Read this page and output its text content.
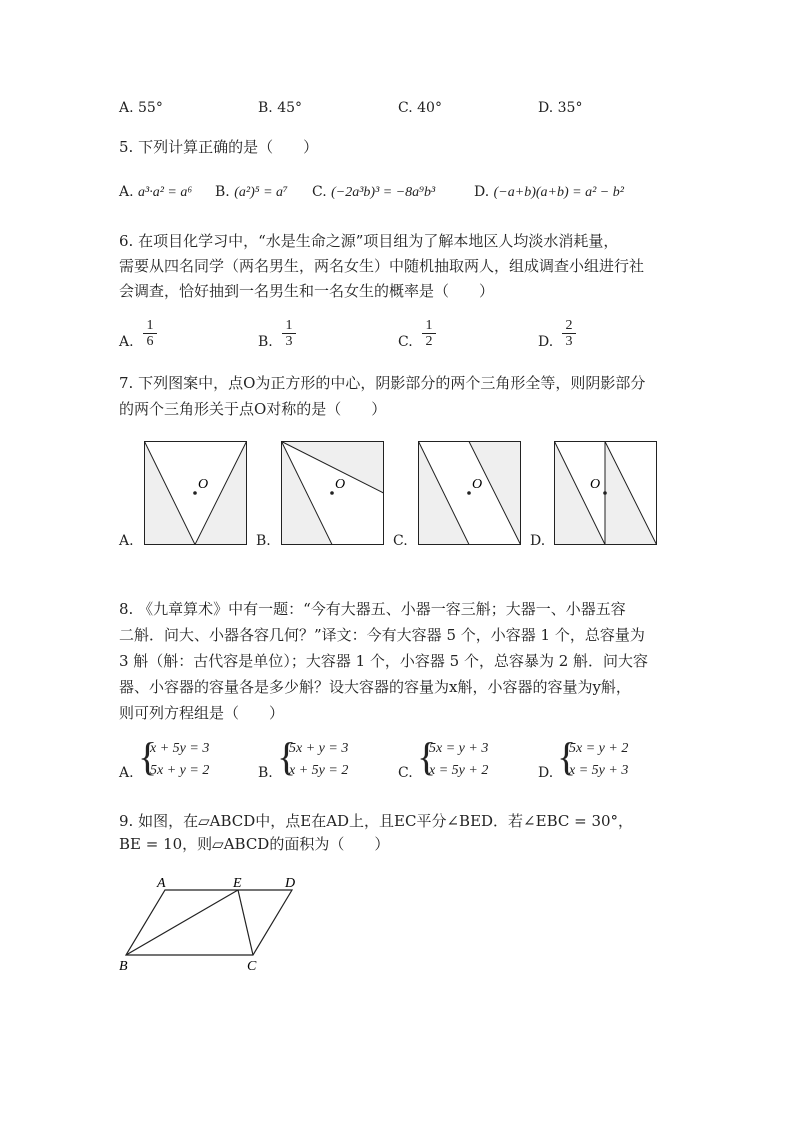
A. 55°	B. 45°	C. 40°	D. 35°
5. 下列计算正确的是（　　）
A. a³·a² = a⁶ B. (a²)⁵ = a⁷ C. (−2a³b)³ = −8a⁹b³	D. (−a+b)(a+b) = a² − b²
6. 在项目化学习中，“水是生命之源”项目组为了解本地区人均淡水消耗量，
需要从四名同学（两名男生，两名女生）中随机抽取两人，组成调查小组进行社
会调查，恰好抽到一名男生和一名女生的概率是（　　）
A. $\frac{1}{6}$	B. $\frac{1}{3}$	C. $\frac{1}{2}$	D. $\frac{2}{3}$
7. 下列图案中，点O为正方形的中心，阴影部分的两个三角形全等，则阴影部分
的两个三角形关于点O对称的是（　　）
O
A.
O
B.
O
C.
O
D.
8. 《九章算术》中有一题：“今有大器五、小器一容三斛；大器一、小器五容
二斛．问大、小器各容几何？”译文：今有大容器 5 个，小容器 1 个，总容量为
3 斛（斛：古代容是单位）；大容器 1 个，小容器 5 个，总容暴为 2 斛．问大容
器、小容器的容量各是多少斛？设大容器的容量为x斛，小容器的容量为y斛，
则可列方程组是（　　）
A. {
x + 5y = 3
5x + y = 2	B. {
5x + y = 3
x + 5y = 2	C. {
5x = y + 3
x = 5y + 2	D. {
5x = y + 2
x = 5y + 3
9. 如图，在▱ABCD中，点E在AD上，且EC平分∠BED．若∠EBC = 30°，
BE = 10，则▱ABCD的面积为（　　）
A	E	D
B	C
